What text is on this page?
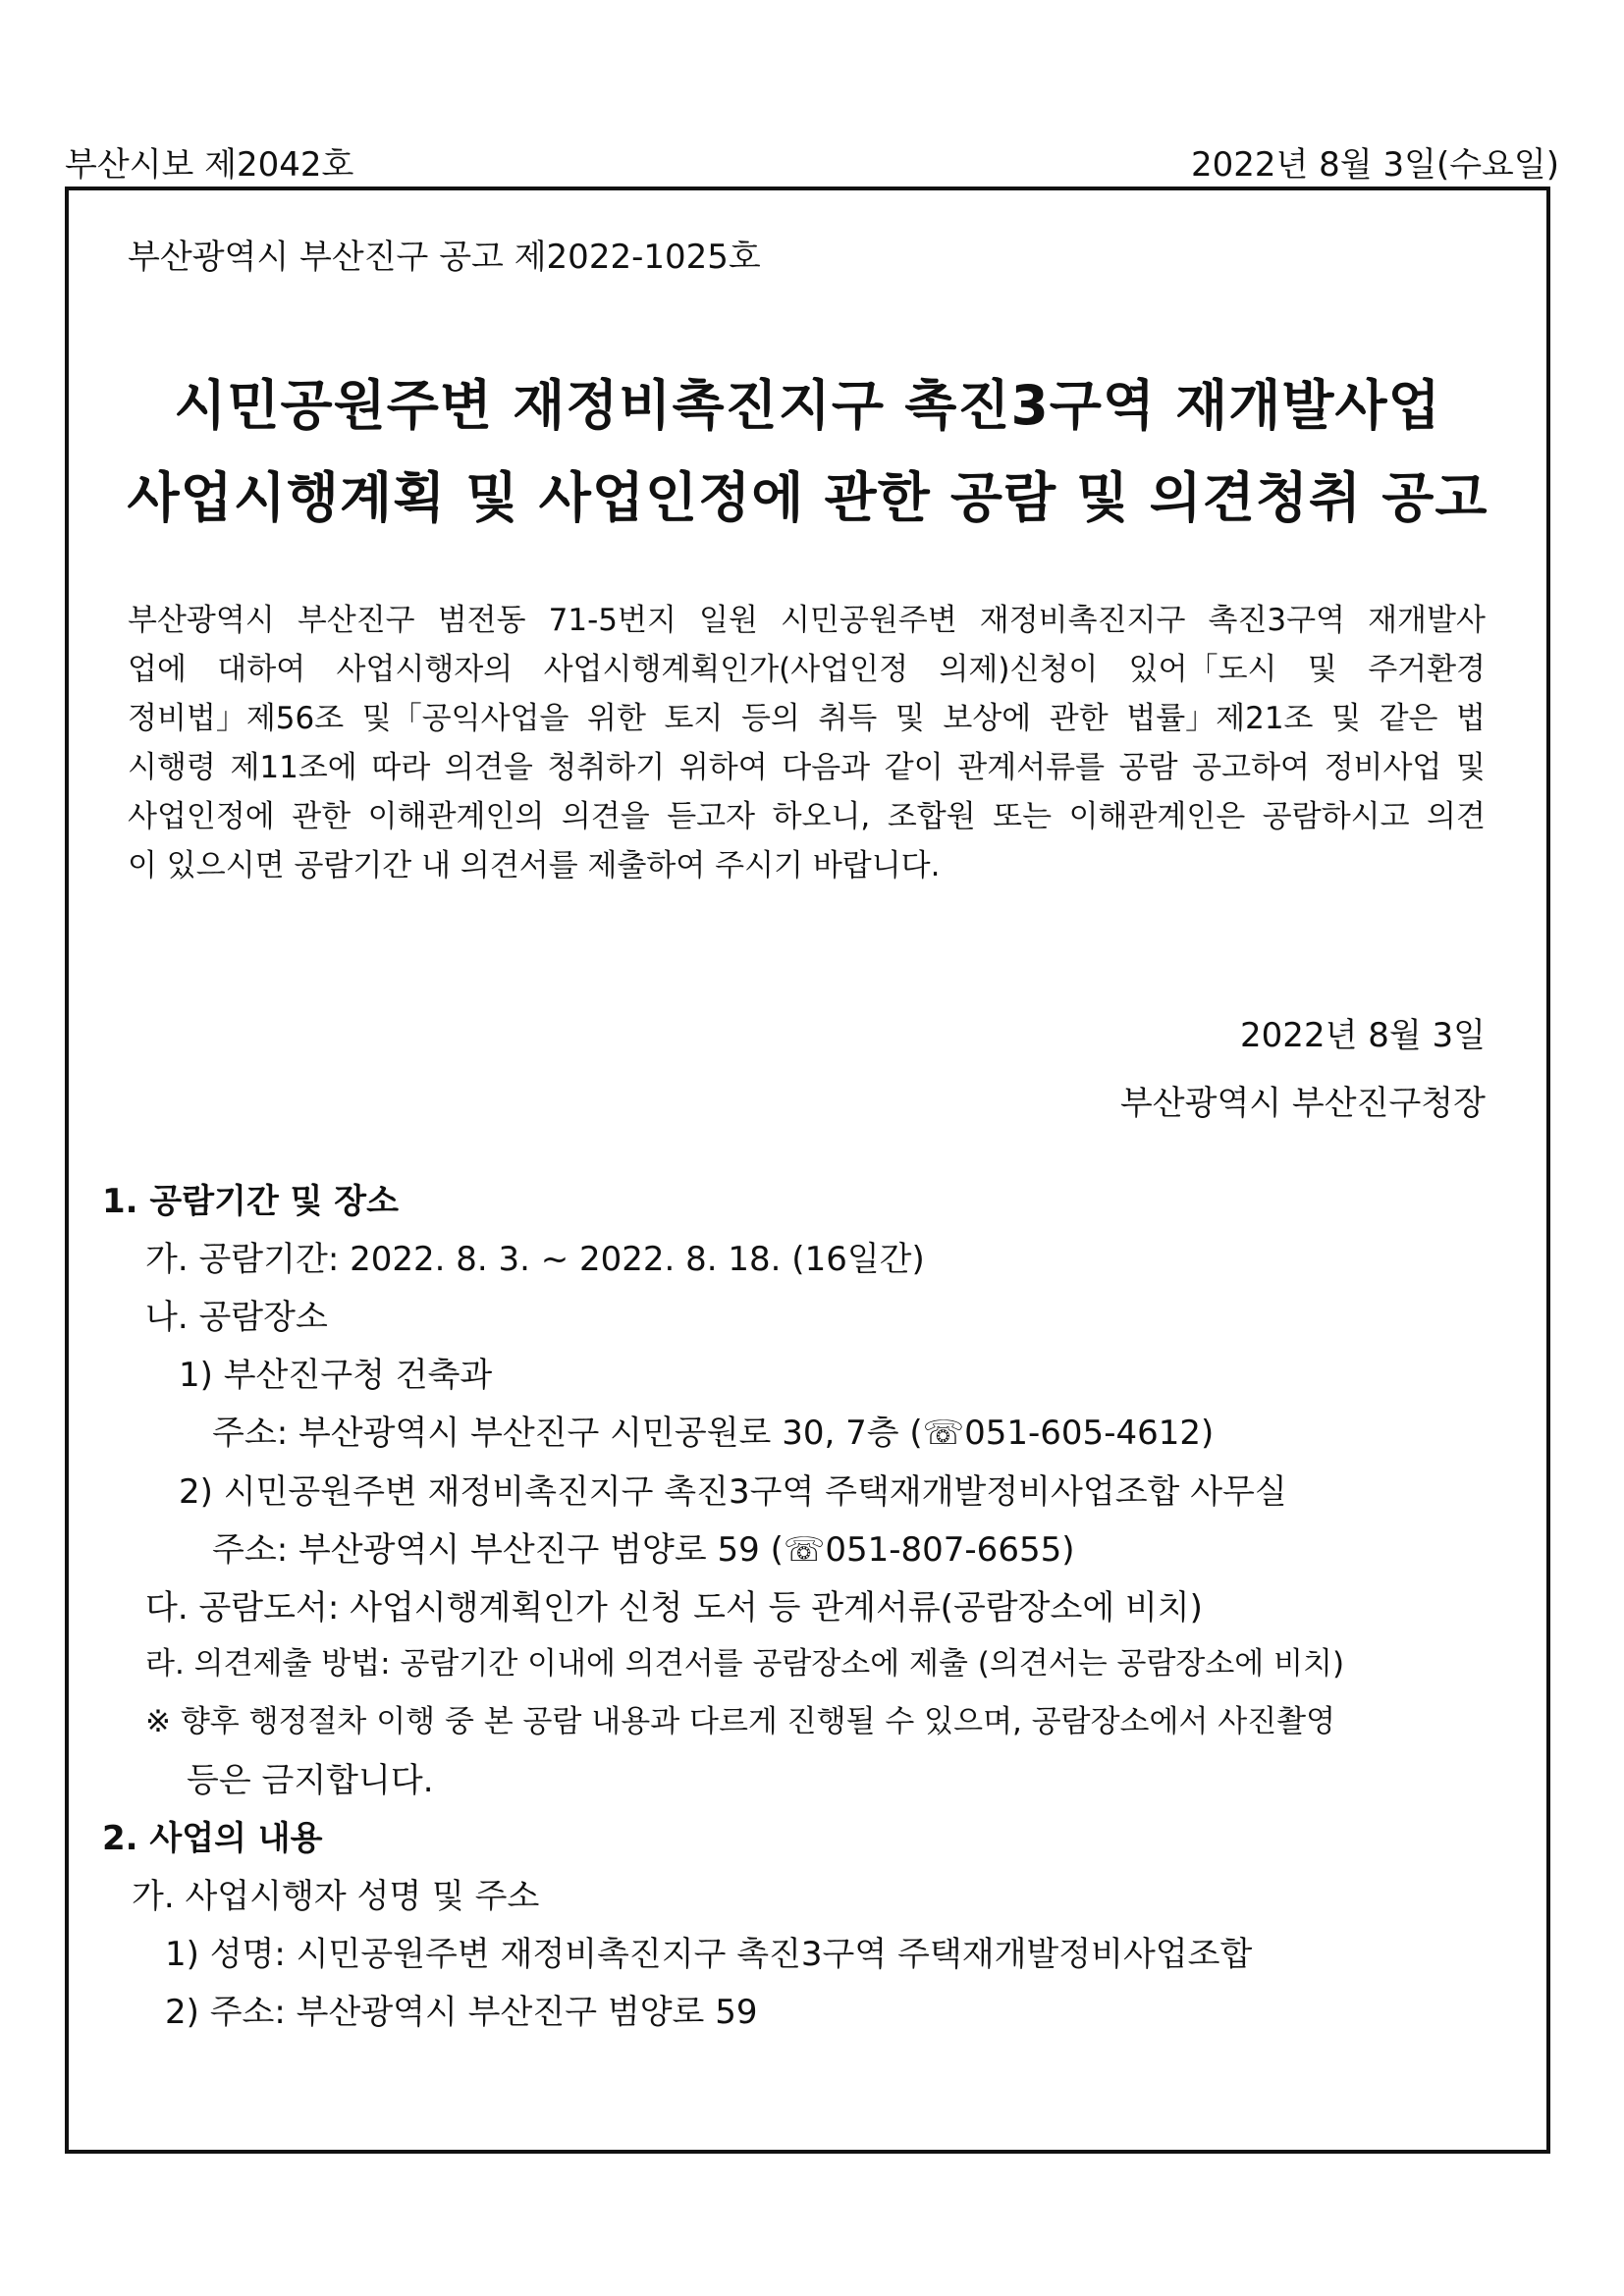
부산시보 제2042호	2022년 8월 3일(수요일)
부산광역시 부산진구 공고 제2022-1025호
시민공원주변 재정비촉진지구 촉진3구역 재개발사업
사업시행계획 및 사업인정에 관한 공람 및 의견청취 공고
부산광역시 부산진구 범전동 71-5번지 일원 시민공원주변 재정비촉진지구 촉진3구역 재개발사
업에 대하여 사업시행자의 사업시행계획인가(사업인정 의제)신청이 있어「도시 및 주거환경
정비법」제56조 및「공익사업을 위한 토지 등의 취득 및 보상에 관한 법률」제21조 및 같은 법
시행령 제11조에 따라 의견을 청취하기 위하여 다음과 같이 관계서류를 공람 공고하여 정비사업 및
사업인정에 관한 이해관계인의 의견을 듣고자 하오니, 조합원 또는 이해관계인은 공람하시고 의견
이 있으시면 공람기간 내 의견서를 제출하여 주시기 바랍니다.
2022년 8월 3일
부산광역시 부산진구청장
1. 공람기간 및 장소
가. 공람기간: 2022. 8. 3. ~ 2022. 8. 18. (16일간)
나. 공람장소
1) 부산진구청 건축과
주소: 부산광역시 부산진구 시민공원로 30, 7층 (☏051-605-4612)
2) 시민공원주변 재정비촉진지구 촉진3구역 주택재개발정비사업조합 사무실
주소: 부산광역시 부산진구 범양로 59 (☏051-807-6655)
다. 공람도서: 사업시행계획인가 신청 도서 등 관계서류(공람장소에 비치)
라. 의견제출 방법: 공람기간 이내에 의견서를 공람장소에 제출 (의견서는 공람장소에 비치)
※ 향후 행정절차 이행 중 본 공람 내용과 다르게 진행될 수 있으며, 공람장소에서 사진촬영
등은 금지합니다.
2. 사업의 내용
가. 사업시행자 성명 및 주소
1) 성명: 시민공원주변 재정비촉진지구 촉진3구역 주택재개발정비사업조합
2) 주소: 부산광역시 부산진구 범양로 59
